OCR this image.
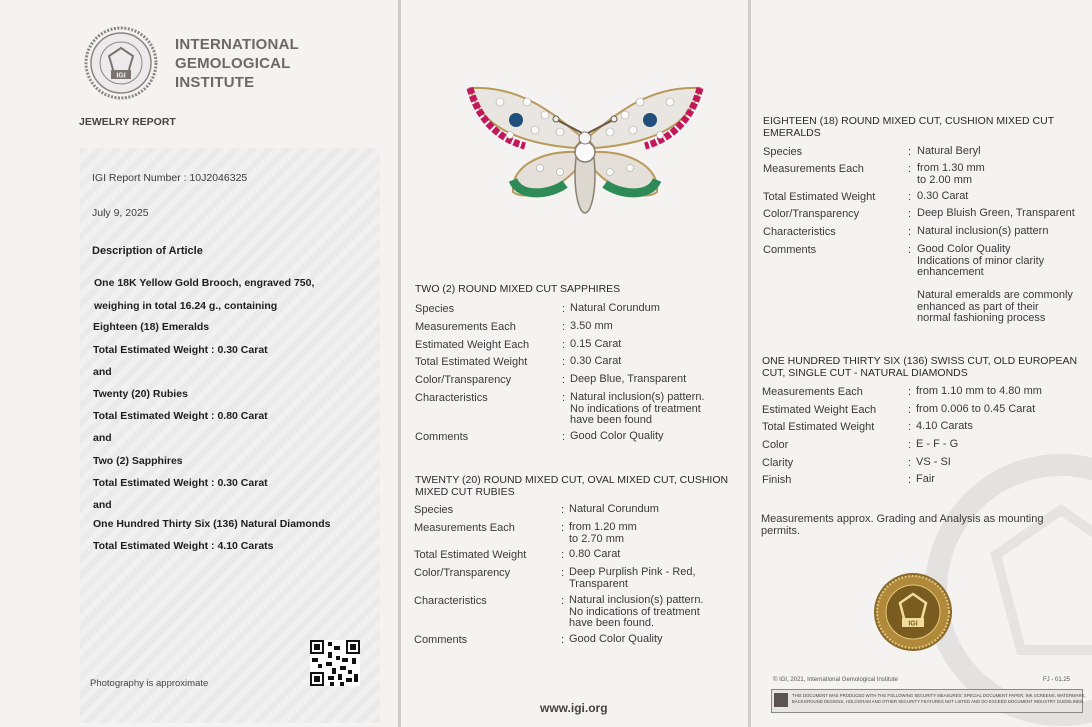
IGI
INTERNATIONAL
GEMOLOGICAL
INSTITUTE
JEWELRY REPORT
IGI Report Number : 10J2046325
July 9, 2025
Description of Article
One 18K Yellow Gold Brooch, engraved 750,
weighing in total 16.24 g., containing
Eighteen (18) Emeralds
Total Estimated Weight : 0.30 Carat
and
Twenty (20) Rubies
Total Estimated Weight : 0.80 Carat
and
Two (2) Sapphires
Total Estimated Weight : 0.30 Carat
and
One Hundred Thirty Six (136) Natural Diamonds
Total Estimated Weight : 4.10 Carats
Photography is approximate
TWO (2) ROUND MIXED CUT SAPPHIRES
Species	: Natural Corundum
Measurements Each	: 3.50 mm
Estimated Weight Each	: 0.15 Carat
Total Estimated Weight	: 0.30 Carat
Color/Transparency	: Deep Blue, Transparent
Characteristics	: Natural inclusion(s) pattern.
No indications of treatment
have been found
Comments	: Good Color Quality
TWENTY (20) ROUND MIXED CUT, OVAL MIXED CUT, CUSHION
MIXED CUT RUBIES
Species	: Natural Corundum
Measurements Each	: from 1.20 mm
to 2.70 mm
Total Estimated Weight	: 0.80 Carat
Color/Transparency	: Deep Purplish Pink - Red,
Transparent
Characteristics	: Natural inclusion(s) pattern.
No indications of treatment
have been found.
Comments	: Good Color Quality
www.igi.org
EIGHTEEN (18) ROUND MIXED CUT, CUSHION MIXED CUT
EMERALDS
Species	: Natural Beryl
Measurements Each	: from 1.30 mm
to 2.00 mm
Total Estimated Weight	: 0.30 Carat
Color/Transparency	: Deep Bluish Green, Transparent
Characteristics	: Natural inclusion(s) pattern
Comments	: Good Color Quality
Indications of minor clarity
enhancement
Natural emeralds are commonly
enhanced as part of their
normal fashioning process
ONE HUNDRED THIRTY SIX (136) SWISS CUT, OLD EUROPEAN
CUT, SINGLE CUT - NATURAL DIAMONDS
Measurements Each	: from 1.10 mm to 4.80 mm
Estimated Weight Each	: from 0.006 to 0.45 Carat
Total Estimated Weight	: 4.10 Carats
Color	: E - F - G
Clarity	: VS - SI
Finish	: Fair
Measurements approx. Grading and Analysis as mounting
permits.
IGI
© IGI, 2021, International Gemological Institute	FJ - 01.25
THIS DOCUMENT WAS PRODUCED WITH THE FOLLOWING SECURITY MEASURES: SPECIAL DOCUMENT PAPER, INK SCREENS, WATERMARK,
BACKGROUND DESIGNS, HOLOGRAM AND OTHER SECURITY FEATURES NOT LISTED AND DO EXCEED DOCUMENT INDUSTRY GUIDELINES.
